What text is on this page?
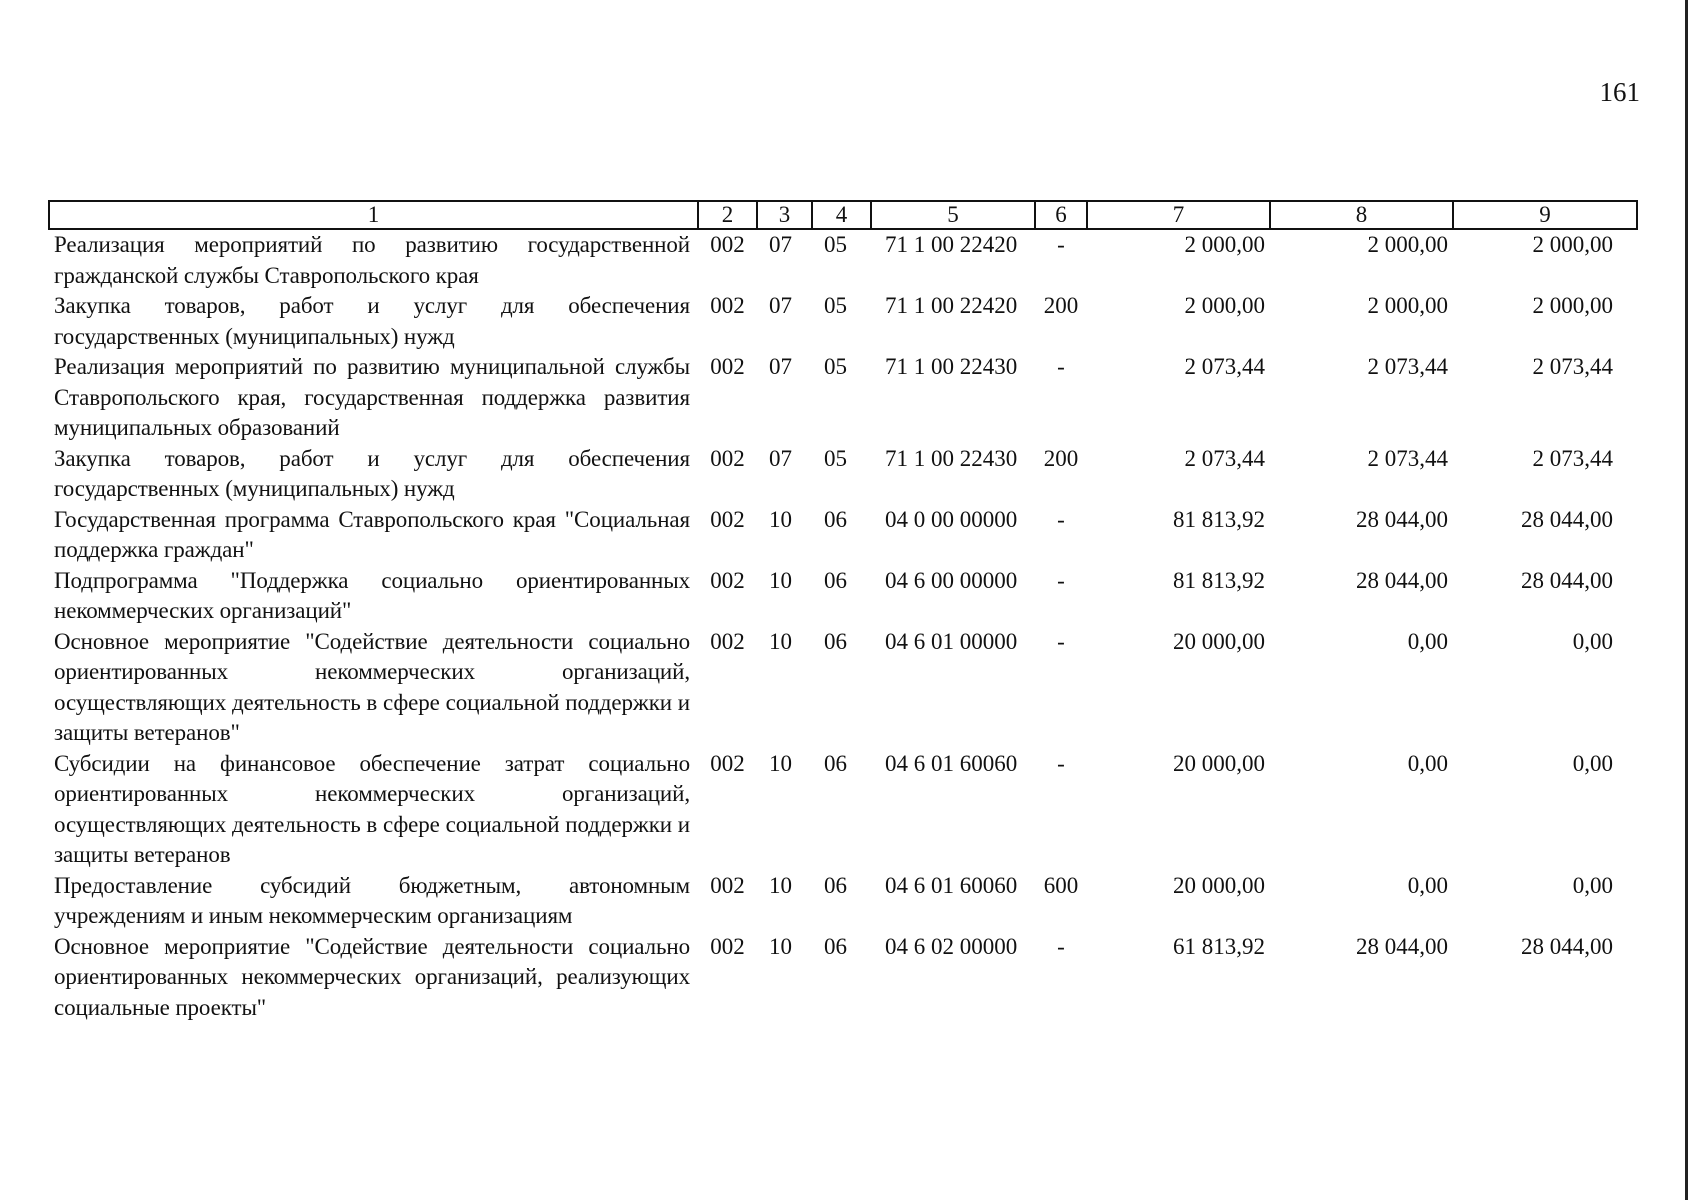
161
1	2	3	4	5	6	7	8	9
Реализация мероприятий по развитию государственной гражданской службы Ставропольского края	002	07	05	71 1 00 22420	-	2 000,00	2 000,00	2 000,00
Закупка товаров, работ и услуг для обеспечения государственных (муниципальных) нужд	002	07	05	71 1 00 22420	200	2 000,00	2 000,00	2 000,00
Реализация мероприятий по развитию муниципальной службы Ставропольского края, государственная поддержка развития муниципальных образований	002	07	05	71 1 00 22430	-	2 073,44	2 073,44	2 073,44
Закупка товаров, работ и услуг для обеспечения государственных (муниципальных) нужд	002	07	05	71 1 00 22430	200	2 073,44	2 073,44	2 073,44
Государственная программа Ставропольского края "Социальная поддержка граждан"	002	10	06	04 0 00 00000	-	81 813,92	28 044,00	28 044,00
Подпрограмма "Поддержка социально ориентированных некоммерческих организаций"	002	10	06	04 6 00 00000	-	81 813,92	28 044,00	28 044,00
Основное мероприятие "Содействие деятельности социально ориентированных некоммерческих организаций, осуществляющих деятельность в сфере социальной поддержки и защиты ветеранов"	002	10	06	04 6 01 00000	-	20 000,00	0,00	0,00
Субсидии на финансовое обеспечение затрат социально ориентированных некоммерческих организаций, осуществляющих деятельность в сфере социальной поддержки и защиты ветеранов	002	10	06	04 6 01 60060	-	20 000,00	0,00	0,00
Предоставление субсидий бюджетным, автономным учреждениям и иным некоммерческим организациям	002	10	06	04 6 01 60060	600	20 000,00	0,00	0,00
Основное мероприятие "Содействие деятельности социально ориентированных некоммерческих организаций, реализующих социальные проекты"	002	10	06	04 6 02 00000	-	61 813,92	28 044,00	28 044,00
